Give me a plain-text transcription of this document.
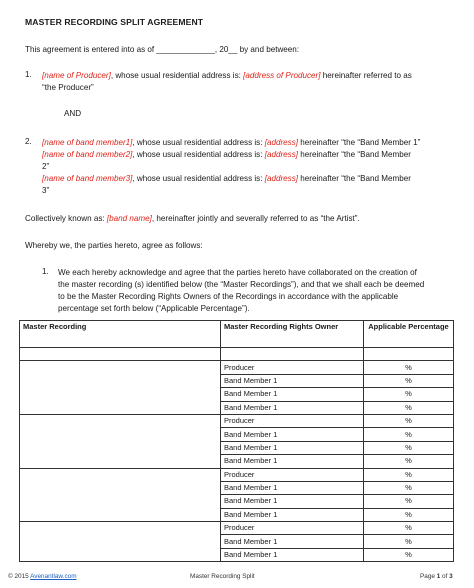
MASTER RECORDING SPLIT AGREEMENT
This agreement is entered into as of _____________, 20__ by and between:
1. [name of Producer], whose usual residential address is: [address of Producer] hereinafter referred to as
“the Producer”
AND
2. [name of band member1], whose usual residential address is: [address] hereinafter “the “Band Member 1”
[name of band member2], whose usual residential address is: [address] hereinafter “the “Band Member
2”
[name of band member3], whose usual residential address is: [address] hereinafter “the “Band Member
3”
Collectively known as: [band name], hereinafter jointly and severally referred to as “the Artist”.
Whereby we, the parties hereto, agree as follows:
1. We each hereby acknowledge and agree that the parties hereto have collaborated on the creation of
the master recording (s) identified below (the “Master Recordings”), and that we shall each be deemed
to be the Master Recording Rights Owners of the Recordings in accordance with the applicable
percentage set forth below (“Applicable Percentage”).
Master Recording	Master Recording Rights Owner	Applicable Percentage

	Producer	%
	Band Member 1	%
	Band Member 1	%
	Band Member 1	%
	Producer	%
	Band Member 1	%
	Band Member 1	%
	Band Member 1	%
	Producer	%
	Band Member 1	%
	Band Member 1	%
	Band Member 1	%
	Producer	%
	Band Member 1	%
	Band Member 1	%
© 2015 Avenantlaw.com	Master Recording Split	Page 1 of 3
